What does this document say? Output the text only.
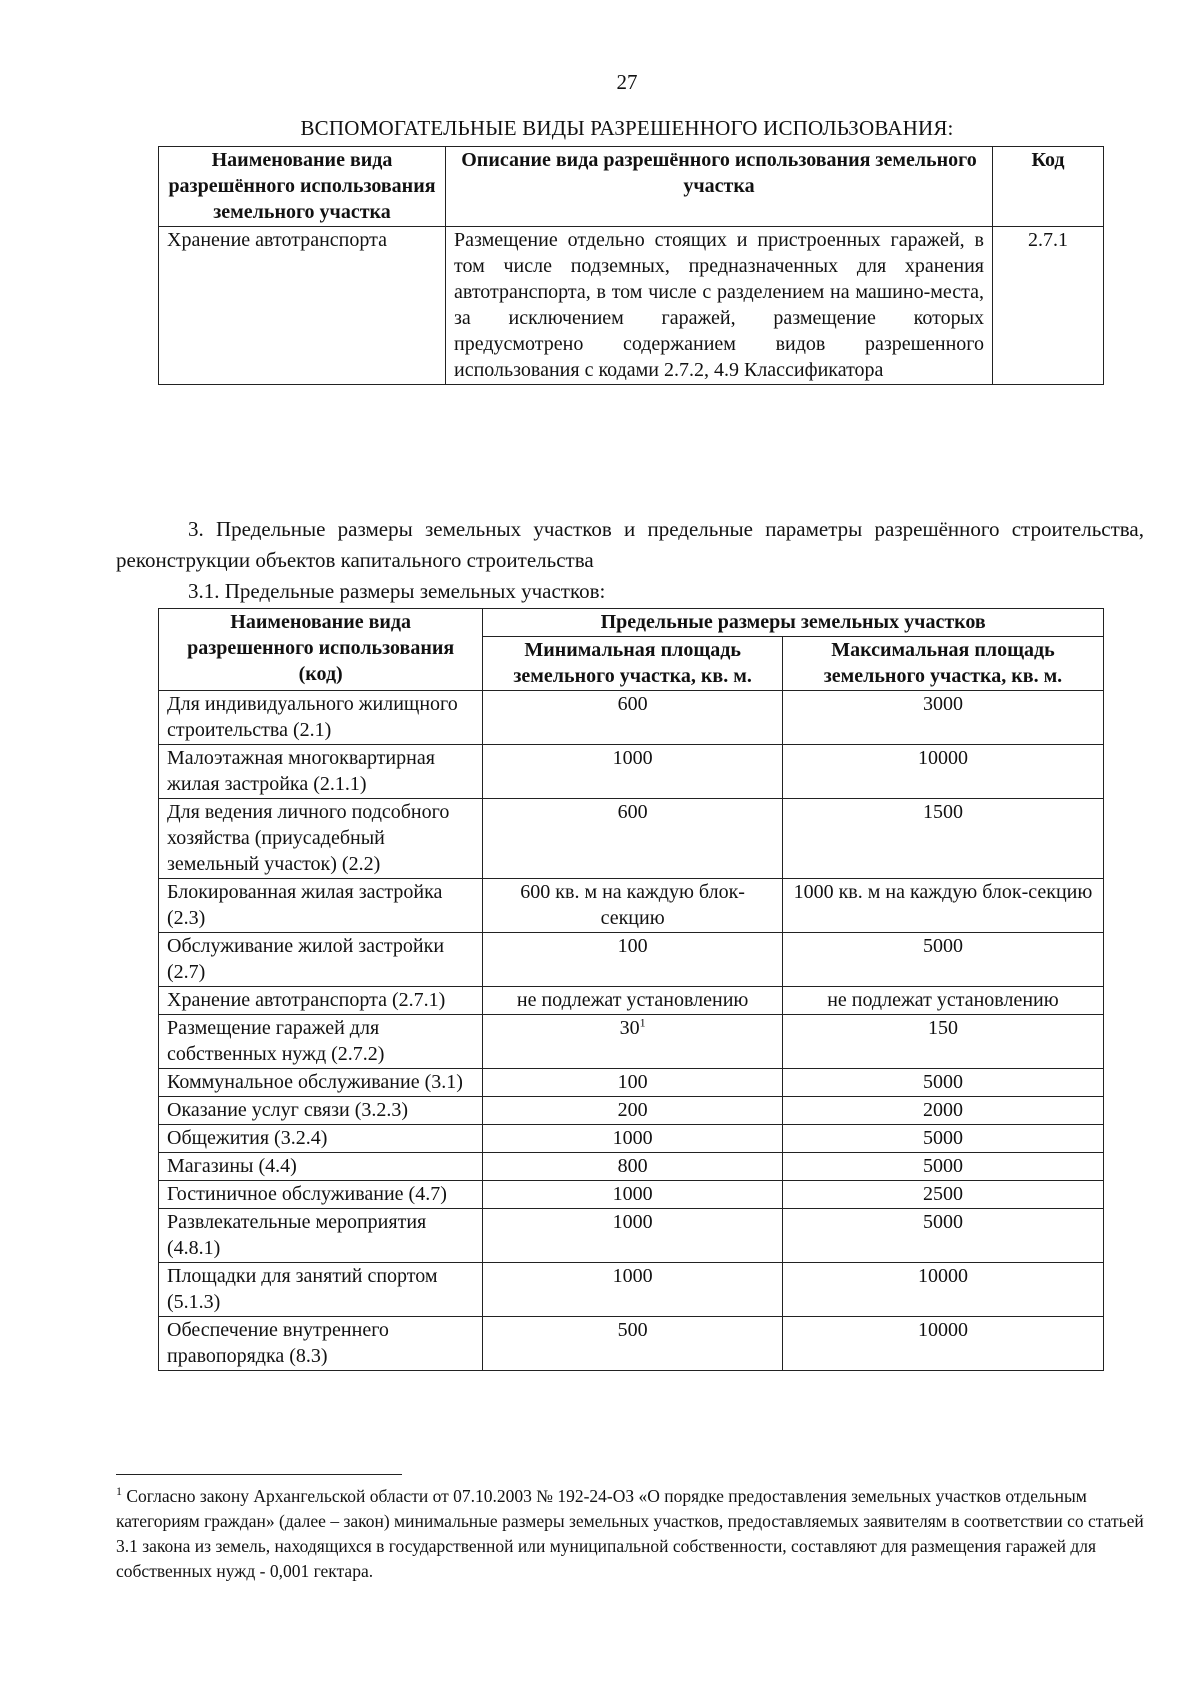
27
ВСПОМОГАТЕЛЬНЫЕ ВИДЫ РАЗРЕШЕННОГО ИСПОЛЬЗОВАНИЯ:
Наименование вида разрешённого использования земельного участка	Описание вида разрешённого использования земельного участка	Код
Хранение автотранспорта	Размещение отдельно стоящих и пристроенных гаражей, в том числе подземных, предназначенных для хранения автотранспорта, в том числе с разделением на машино-места, за исключением гаражей, размещение которых предусмотрено содержанием видов разрешенного использования с кодами 2.7.2, 4.9 Классификатора	2.7.1

3. Предельные размеры земельных участков и предельные параметры разрешённого строительства, реконструкции объектов капитального строительства

3.1. Предельные размеры земельных участков:

Наименование вида разрешенного использования (код)	Предельные размеры земельных участков	
	Минимальная площадь земельного участка, кв. м.	Максимальная площадь земельного участка, кв. м.
Для индивидуального жилищного строительства (2.1)	600	3000
Малоэтажная многоквартирная жилая застройка (2.1.1)	1000	10000
Для ведения личного подсобного хозяйства (приусадебный земельный участок) (2.2)	600	1500
Блокированная жилая застройка (2.3)	600 кв. м на каждую блок-секцию	1000 кв. м на каждую блок-секцию
Обслуживание жилой застройки (2.7)	100	5000
Хранение автотранспорта (2.7.1)	не подлежат установлению	не подлежат установлению
Размещение гаражей для собственных нужд (2.7.2)	$30^1$	150
Коммунальное обслуживание (3.1)	100	5000
Оказание услуг связи (3.2.3)	200	2000
Общежития (3.2.4)	1000	5000
Магазины (4.4)	800	5000
Гостиничное обслуживание (4.7)	1000	2500
Развлекательные мероприятия (4.8.1)	1000	5000
Площадки для занятий спортом (5.1.3)	1000	10000
Обеспечение внутреннего правопорядка (8.3)	500	10000

$^1$ Согласно закону Архангельской области от 07.10.2003 № 192-24-ОЗ «О порядке предоставления земельных участков отдельным категориям граждан» (далее – закон) минимальные размеры земельных участков, предоставляемых заявителям в соответствии со статьей 3.1 закона из земель, находящихся в государственной или муниципальной собственности, составляют для размещения гаражей для собственных нужд - 0,001 гектара.
